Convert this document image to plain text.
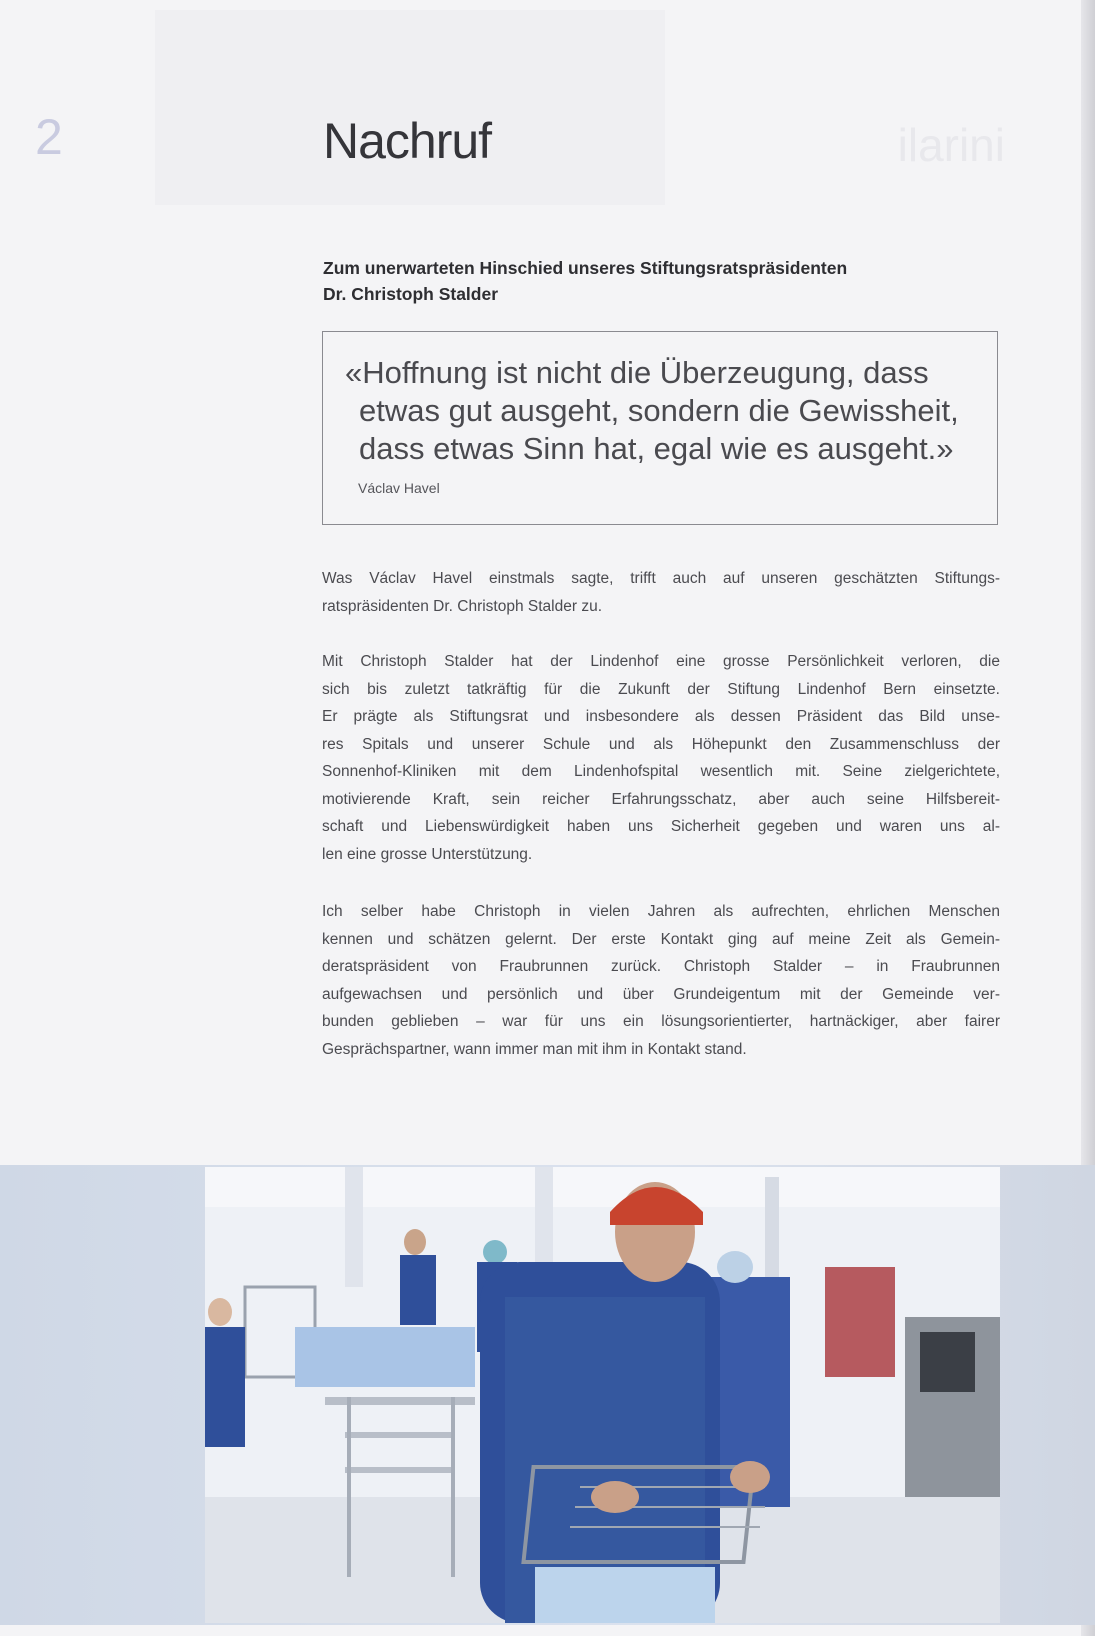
ilarini
2	Nachruf
Zum unerwarteten Hinschied unseres Stiftungsratspräsidenten
Dr. Christoph Stalder
«Hoffnung ist nicht die Überzeugung, dass
etwas gut ausgeht, sondern die Gewissheit,
dass etwas Sinn hat, egal wie es ausgeht.»
Václav Havel
Was Václav Havel einstmals sagte, trifft auch auf unseren geschätzten Stiftungs-
ratspräsidenten Dr. Christoph Stalder zu.
Mit Christoph Stalder hat der Lindenhof eine grosse Persönlichkeit verloren, die
sich bis zuletzt tatkräftig für die Zukunft der Stiftung Lindenhof Bern einsetzte.
Er prägte als Stiftungsrat und insbesondere als dessen Präsident das Bild unse-
res Spitals und unserer Schule und als Höhepunkt den Zusammenschluss der
Sonnenhof-Kliniken mit dem Lindenhofspital wesentlich mit. Seine zielgerichtete,
motivierende Kraft, sein reicher Erfahrungsschatz, aber auch seine Hilfsbereit-
schaft und Liebenswürdigkeit haben uns Sicherheit gegeben und waren uns al-
len eine grosse Unterstützung.
Ich selber habe Christoph in vielen Jahren als aufrechten, ehrlichen Menschen
kennen und schätzen gelernt. Der erste Kontakt ging auf meine Zeit als Gemein-
deratspräsident von Fraubrunnen zurück. Christoph Stalder – in Fraubrunnen
aufgewachsen und persönlich und über Grundeigentum mit der Gemeinde ver-
bunden geblieben – war für uns ein lösungsorientierter, hartnäckiger, aber fairer
Gesprächspartner, wann immer man mit ihm in Kontakt stand.
